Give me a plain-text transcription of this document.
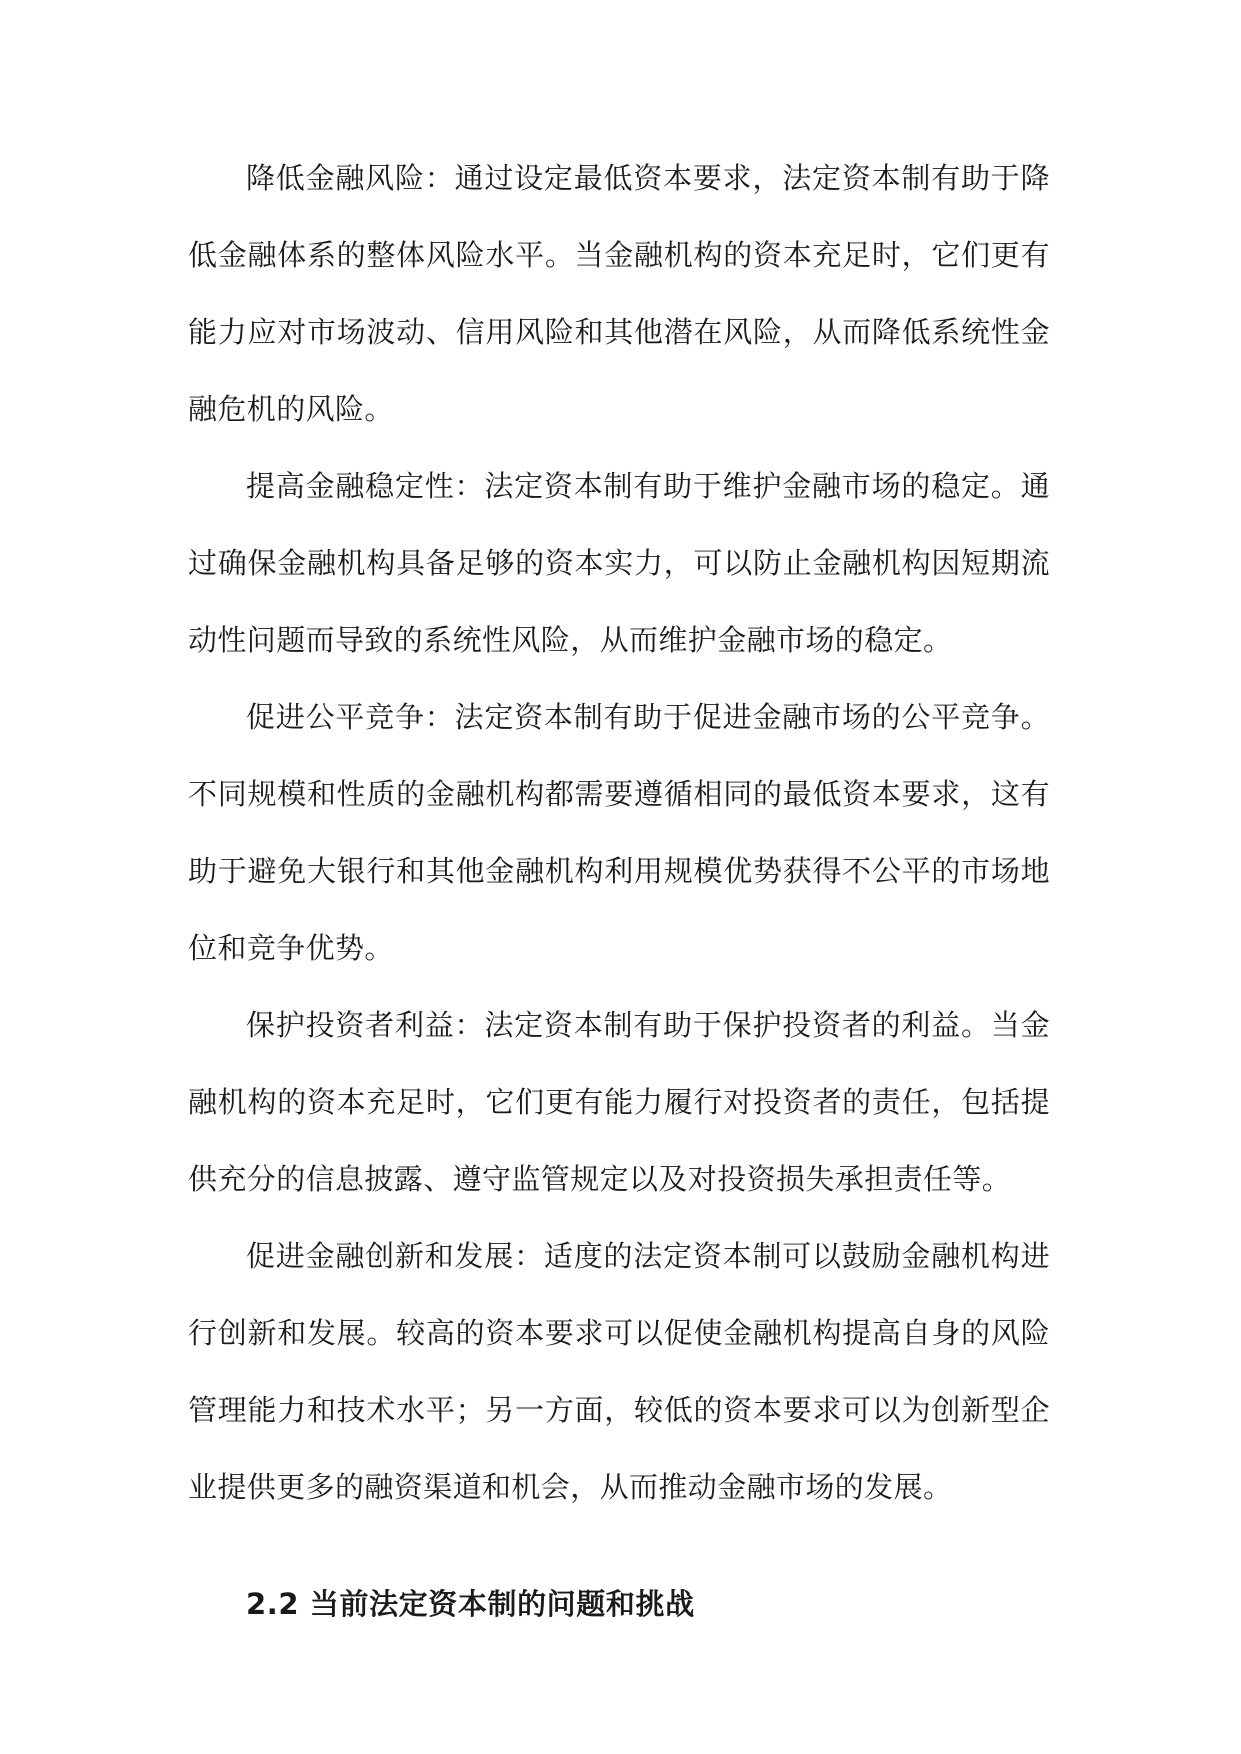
降低金融风险：通过设定最低资本要求，法定资本制有助于降低金融体系的整体风险水平。当金融机构的资本充足时，它们更有能力应对市场波动、信用风险和其他潜在风险，从而降低系统性金融危机的风险。

提高金融稳定性：法定资本制有助于维护金融市场的稳定。通过确保金融机构具备足够的资本实力，可以防止金融机构因短期流动性问题而导致的系统性风险，从而维护金融市场的稳定。

促进公平竞争：法定资本制有助于促进金融市场的公平竞争。不同规模和性质的金融机构都需要遵循相同的最低资本要求，这有助于避免大银行和其他金融机构利用规模优势获得不公平的市场地位和竞争优势。

保护投资者利益：法定资本制有助于保护投资者的利益。当金融机构的资本充足时，它们更有能力履行对投资者的责任，包括提供充分的信息披露、遵守监管规定以及对投资损失承担责任等。

促进金融创新和发展：适度的法定资本制可以鼓励金融机构进行创新和发展。较高的资本要求可以促使金融机构提高自身的风险管理能力和技术水平；另一方面，较低的资本要求可以为创新型企业提供更多的融资渠道和机会，从而推动金融市场的发展。

2.2 当前法定资本制的问题和挑战
